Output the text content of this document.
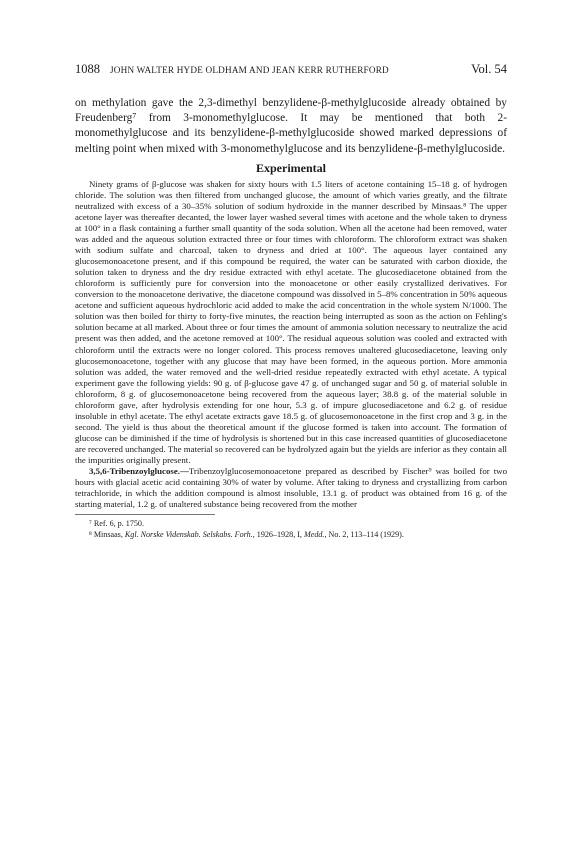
1088 JOHN WALTER HYDE OLDHAM AND JEAN KERR RUTHERFORD	Vol. 54

on methylation gave the 2,3-dimethyl benzylidene-β-methylglucoside already obtained by Freudenberg⁷ from 3-monomethylglucose. It may be mentioned that both 2-monomethylglucose and its benzylidene-β-methylglucoside showed marked depressions of melting point when mixed with 3-monomethylglucose and its benzylidene-β-methylglucoside.

Experimental

Ninety grams of β-glucose was shaken for sixty hours with 1.5 liters of acetone containing 15–18 g. of hydrogen chloride. The solution was then filtered from unchanged glucose, the amount of which varies greatly, and the filtrate neutralized with excess of a 30–35% solution of sodium hydroxide in the manner described by Minsaas.⁸ The upper acetone layer was thereafter decanted, the lower layer washed several times with acetone and the whole taken to dryness at 100° in a flask containing a further small quantity of the soda solution. When all the acetone had been removed, water was added and the aqueous solution extracted three or four times with chloroform. The chloroform extract was shaken with sodium sulfate and charcoal, taken to dryness and dried at 100°. The aqueous layer contained any glucosemonoacetone present, and if this compound be required, the water can be saturated with carbon dioxide, the solution taken to dryness and the dry residue extracted with ethyl acetate. The glucosediacetone obtained from the chloroform is sufficiently pure for conversion into the monoacetone or other easily crystallized derivatives. For conversion to the monoacetone derivative, the diacetone compound was dissolved in 5–8% concentration in 50% aqueous acetone and sufficient aqueous hydrochloric acid added to make the acid concentration in the whole system N/1000. The solution was then boiled for thirty to forty-five minutes, the reaction being interrupted as soon as the action on Fehling's solution became at all marked. About three or four times the amount of ammonia solution necessary to neutralize the acid present was then added, and the acetone removed at 100°. The residual aqueous solution was cooled and extracted with chloroform until the extracts were no longer colored. This process removes unaltered glucosediacetone, leaving only glucosemonoacetone, together with any glucose that may have been formed, in the aqueous portion. More ammonia solution was added, the water removed and the well-dried residue repeatedly extracted with ethyl acetate. A typical experiment gave the following yields: 90 g. of β-glucose gave 47 g. of unchanged sugar and 50 g. of material soluble in chloroform, 8 g. of glucosemonoacetone being recovered from the aqueous layer; 38.8 g. of the material soluble in chloroform gave, after hydrolysis extending for one hour, 5.3 g. of impure glucosediacetone and 6.2 g. of residue insoluble in ethyl acetate. The ethyl acetate extracts gave 18.5 g. of glucosemonoacetone in the first crop and 3 g. in the second. The yield is thus about the theoretical amount if the glucose formed is taken into account. The formation of glucose can be diminished if the time of hydrolysis is shortened but in this case increased quantities of glucosediacetone are recovered unchanged. The material so recovered can be hydrolyzed again but the yields are inferior as they contain all the impurities originally present.

3,5,6-Tribenzoylglucose.—Tribenzoylglucosemonoacetone prepared as described by Fischer⁹ was boiled for two hours with glacial acetic acid containing 30% of water by volume. After taking to dryness and crystallizing from carbon tetrachloride, in which the addition compound is almost insoluble, 13.1 g. of product was obtained from 16 g. of the starting material, 1.2 g. of unaltered substance being recovered from the mother

⁷ Ref. 6, p. 1750.

⁸ Minsaas, Kgl. Norske Videnskab. Selskabs. Forh., 1926–1928, I, Medd., No. 2, 113–114 (1929).
